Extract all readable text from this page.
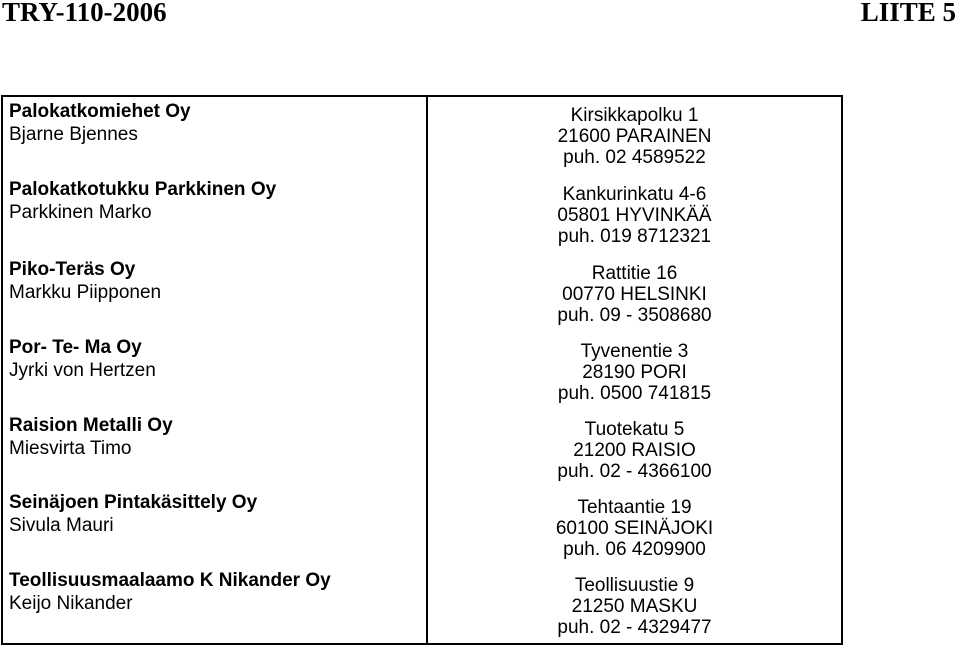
TRY-110-2006	LIITE 5
Palokatkomiehet Oy
Bjarne Bjennes
Palokatkotukku Parkkinen Oy
Parkkinen Marko
Piko-Teräs Oy
Markku Piipponen
Por- Te- Ma Oy
Jyrki von Hertzen
Raision Metalli Oy
Miesvirta Timo
Seinäjoen Pintakäsittely Oy
Sivula Mauri
Teollisuusmaalaamo K Nikander Oy
Keijo Nikander
Kirsikkapolku 1
21600 PARAINEN
puh. 02 4589522
Kankurinkatu 4-6
05801 HYVINKÄÄ
puh. 019 8712321
Rattitie 16
00770 HELSINKI
puh. 09 - 3508680
Tyvenentie 3
28190 PORI
puh. 0500 741815
Tuotekatu 5
21200 RAISIO
puh. 02 - 4366100
Tehtaantie 19
60100 SEINÄJOKI
puh. 06 4209900
Teollisuustie 9
21250 MASKU
puh. 02 - 4329477
